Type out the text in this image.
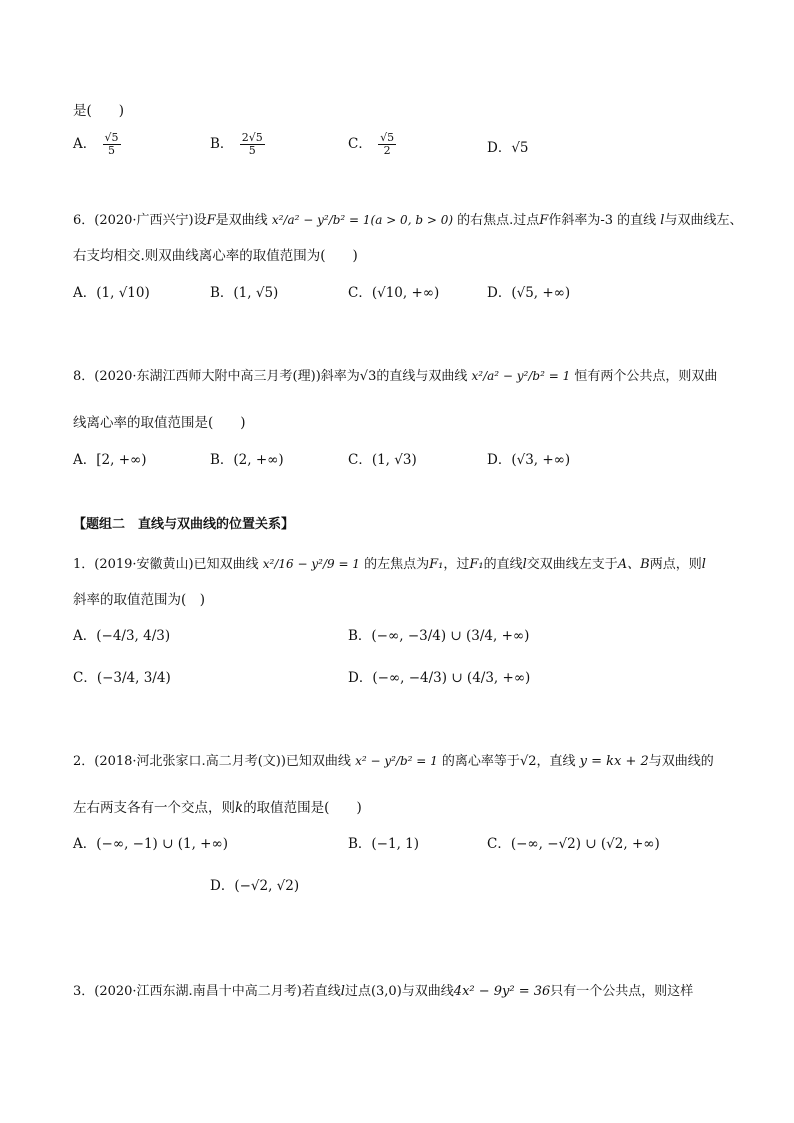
是(　　)
A． $\frac{√5}{5}$	B． $\frac{2√5}{5}$	C． $\frac{√5}{2}$	D．√5
6．(2020·广西兴宁)设F是双曲线 x²/a² − y²/b² = 1(a > 0, b > 0) 的右焦点.过点F作斜率为-3 的直线 l与双曲线左、
右支均相交.则双曲线离心率的取值范围为(　　)
A．(1, √10)	B．(1, √5)	C．(√10, +∞)	D．(√5, +∞)
8．(2020·东湖江西师大附中高三月考(理))斜率为√3的直线与双曲线 x²/a² − y²/b² = 1 恒有两个公共点，则双曲
线离心率的取值范围是(　　)
A．[2, +∞)	B．(2, +∞)	C．(1, √3)	D．(√3, +∞)
【题组二　直线与双曲线的位置关系】
1．(2019·安徽黄山)已知双曲线 x²/16 − y²/9 = 1 的左焦点为F₁，过F₁的直线l交双曲线左支于A、B两点，则l
斜率的取值范围为(　)
A．(−4/3, 4/3)	B．(−∞, −3/4) ∪ (3/4, +∞)
C．(−3/4, 3/4)	D．(−∞, −4/3) ∪ (4/3, +∞)
2．(2018·河北张家口.高二月考(文))已知双曲线 x² − y²/b² = 1 的离心率等于√2，直线 y = kx + 2与双曲线的
左右两支各有一个交点，则k的取值范围是(　　)
A．(−∞, −1) ∪ (1, +∞)	B．(−1, 1)	C．(−∞, −√2) ∪ (√2, +∞)
D．(−√2, √2)
3．(2020·江西东湖.南昌十中高二月考)若直线l过点(3,0)与双曲线4x² − 9y² = 36只有一个公共点，则这样
